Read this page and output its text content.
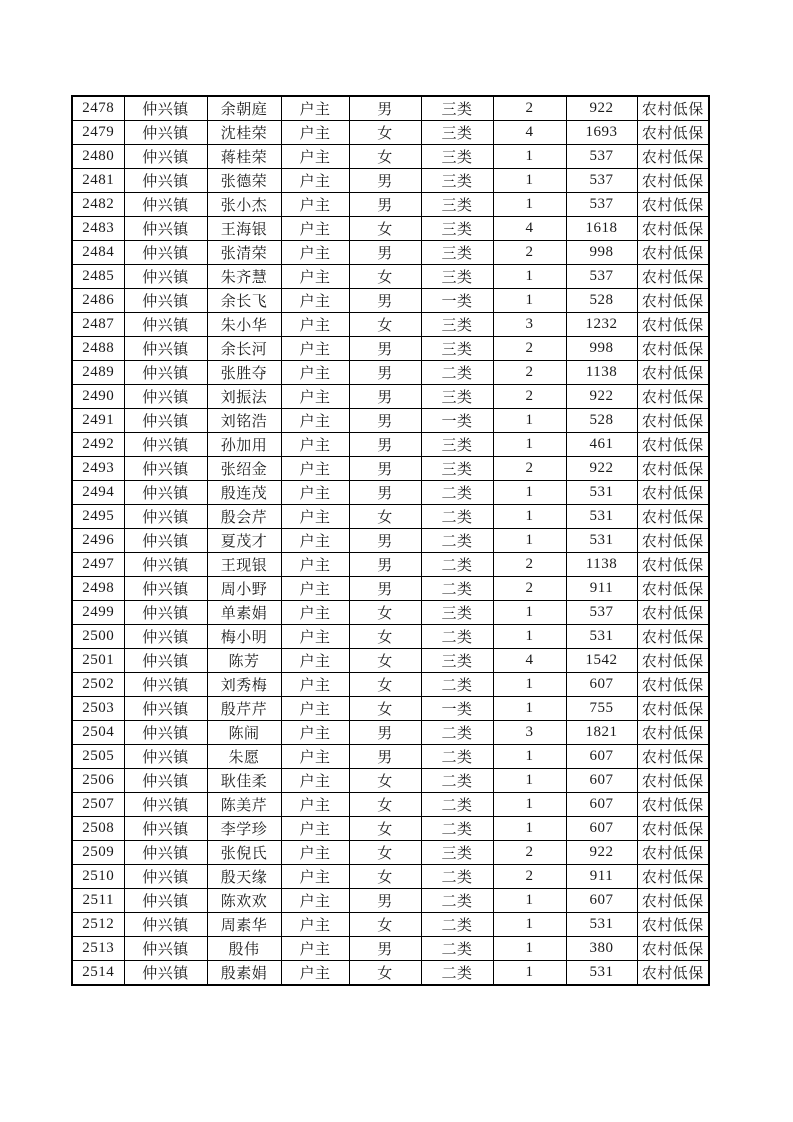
2478	仲兴镇	余朝庭	户主	男	三类	2	922	农村低保
2479	仲兴镇	沈桂荣	户主	女	三类	4	1693	农村低保
2480	仲兴镇	蒋桂荣	户主	女	三类	1	537	农村低保
2481	仲兴镇	张德荣	户主	男	三类	1	537	农村低保
2482	仲兴镇	张小杰	户主	男	三类	1	537	农村低保
2483	仲兴镇	王海银	户主	女	三类	4	1618	农村低保
2484	仲兴镇	张清荣	户主	男	三类	2	998	农村低保
2485	仲兴镇	朱齐慧	户主	女	三类	1	537	农村低保
2486	仲兴镇	余长飞	户主	男	一类	1	528	农村低保
2487	仲兴镇	朱小华	户主	女	三类	3	1232	农村低保
2488	仲兴镇	余长河	户主	男	三类	2	998	农村低保
2489	仲兴镇	张胜夺	户主	男	二类	2	1138	农村低保
2490	仲兴镇	刘振法	户主	男	三类	2	922	农村低保
2491	仲兴镇	刘铭浩	户主	男	一类	1	528	农村低保
2492	仲兴镇	孙加用	户主	男	三类	1	461	农村低保
2493	仲兴镇	张绍金	户主	男	三类	2	922	农村低保
2494	仲兴镇	殷连茂	户主	男	二类	1	531	农村低保
2495	仲兴镇	殷会芹	户主	女	二类	1	531	农村低保
2496	仲兴镇	夏茂才	户主	男	二类	1	531	农村低保
2497	仲兴镇	王现银	户主	男	二类	2	1138	农村低保
2498	仲兴镇	周小野	户主	男	二类	2	911	农村低保
2499	仲兴镇	单素娟	户主	女	三类	1	537	农村低保
2500	仲兴镇	梅小明	户主	女	二类	1	531	农村低保
2501	仲兴镇	陈芳	户主	女	三类	4	1542	农村低保
2502	仲兴镇	刘秀梅	户主	女	二类	1	607	农村低保
2503	仲兴镇	殷芹芹	户主	女	一类	1	755	农村低保
2504	仲兴镇	陈闹	户主	男	二类	3	1821	农村低保
2505	仲兴镇	朱愿	户主	男	二类	1	607	农村低保
2506	仲兴镇	耿佳柔	户主	女	二类	1	607	农村低保
2507	仲兴镇	陈美芹	户主	女	二类	1	607	农村低保
2508	仲兴镇	李学珍	户主	女	二类	1	607	农村低保
2509	仲兴镇	张倪氏	户主	女	三类	2	922	农村低保
2510	仲兴镇	殷天缘	户主	女	二类	2	911	农村低保
2511	仲兴镇	陈欢欢	户主	男	二类	1	607	农村低保
2512	仲兴镇	周素华	户主	女	二类	1	531	农村低保
2513	仲兴镇	殷伟	户主	男	二类	1	380	农村低保
2514	仲兴镇	殷素娟	户主	女	二类	1	531	农村低保
